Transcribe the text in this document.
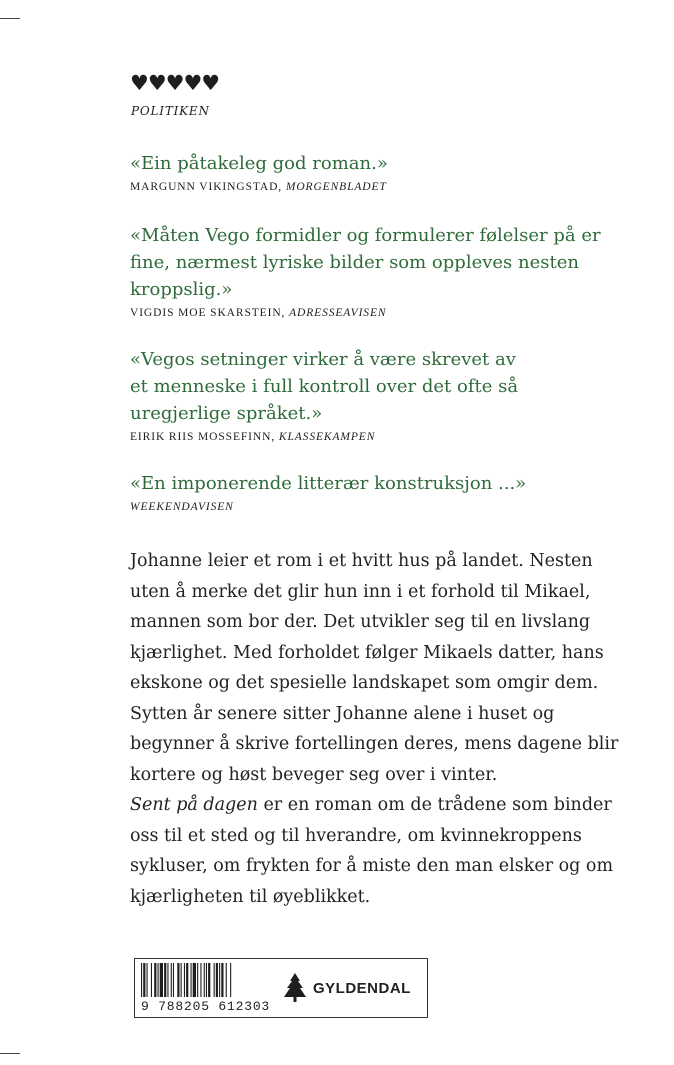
♥♥♥♥♥
POLITIKEN

«Ein påtakeleg god roman.»

MARGUNN VIKINGSTAD, MORGENBLADET

«Måten Vego formidler og formulerer følelser på er
fine, nærmest lyriske bilder som oppleves nesten
kroppslig.»

VIGDIS MOE SKARSTEIN, ADRESSEAVISEN

«Vegos setninger virker å være skrevet av
et menneske i full kontroll over det ofte så
uregjerlige språket.»

EIRIK RIIS MOSSEFINN, KLASSEKAMPEN

«En imponerende litterær konstruksjon ...»

WEEKENDAVISEN

Johanne leier et rom i et hvitt hus på landet. Nesten
uten å merke det glir hun inn i et forhold til Mikael,
mannen som bor der. Det utvikler seg til en livslang
kjærlighet. Med forholdet følger Mikaels datter, hans
ekskone og det spesielle landskapet som omgir dem.
Sytten år senere sitter Johanne alene i huset og
begynner å skrive fortellingen deres, mens dagene blir
kortere og høst beveger seg over i vinter.

Sent på dagen er en roman om de trådene som binder
oss til et sted og til hverandre, om kvinnekroppens
sykluser, om frykten for å miste den man elsker og om
kjærligheten til øyeblikket.

9 788205 612303
GYLDENDAL
